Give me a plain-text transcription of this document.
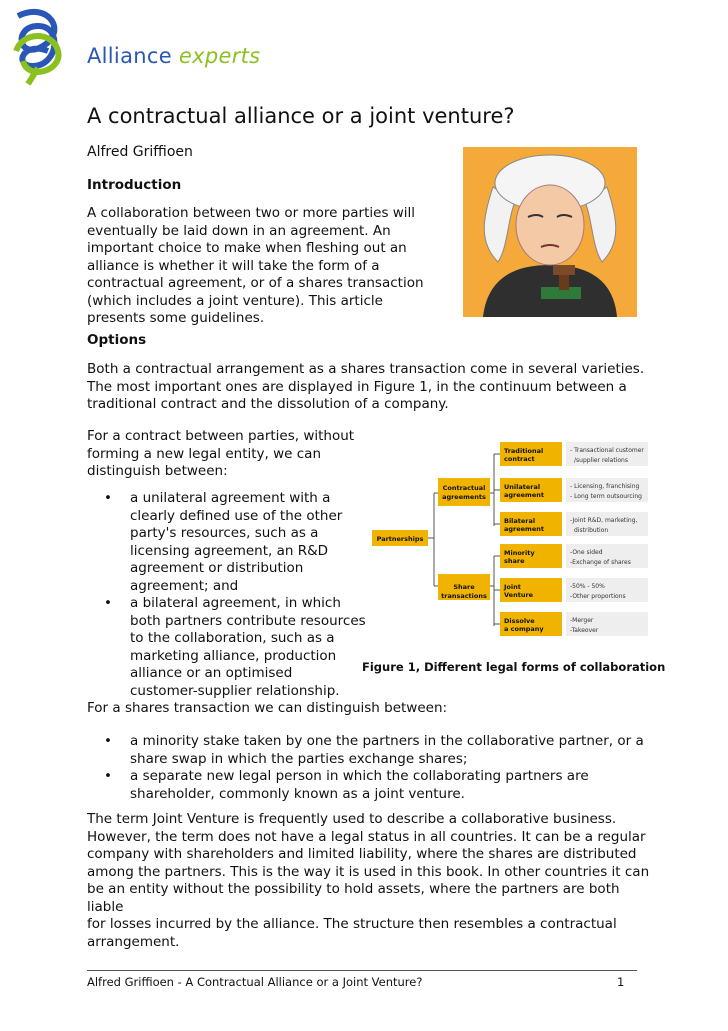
Alliance experts
A contractual alliance or a joint venture?
Alfred Griffioen
Introduction
A collaboration between two or more parties will
eventually be laid down in an agreement. An
important choice to make when fleshing out an
alliance is whether it will take the form of a
contractual agreement, or of a shares transaction
(which includes a joint venture). This article
presents some guidelines.
Options
Both a contractual arrangement as a shares transaction come in several varieties.
The most important ones are displayed in Figure 1, in the continuum between a
traditional contract and the dissolution of a company.
For a contract between parties, without
forming a new legal entity, we can
distinguish between:
• a unilateral agreement with a
clearly defined use of the other
party's resources, such as a
licensing agreement, an R&D
agreement or distribution
agreement; and
• a bilateral agreement, in which
both partners contribute resources
to the collaboration, such as a
marketing alliance, production
alliance or an optimised
customer-supplier relationship.
Partnerships
Contractual agreements
Share transactions
Traditional contract
- Transactional customer
/supplier relations
Unilateral agreement
- Licensing, franchising
- Long term outsourcing
Bilateral agreement
-Joint R&D, marketing,
distribution
Minority share
-One sided
-Exchange of shares
Joint Venture
-50% - 50%
-Other proportions
Dissolve a company
-Merger
-Takeover
Figure 1, Different legal forms of collaboration
For a shares transaction we can distinguish between:
• a minority stake taken by one the partners in the collaborative partner, or a
share swap in which the parties exchange shares;
• a separate new legal person in which the collaborating partners are
shareholder, commonly known as a joint venture.
The term Joint Venture is frequently used to describe a collaborative business.
However, the term does not have a legal status in all countries. It can be a regular
company with shareholders and limited liability, where the shares are distributed
among the partners. This is the way it is used in this book. In other countries it can
be an entity without the possibility to hold assets, where the partners are both liable
for losses incurred by the alliance. The structure then resembles a contractual
arrangement.
Alfred Griffioen - A Contractual Alliance or a Joint Venture?	1
